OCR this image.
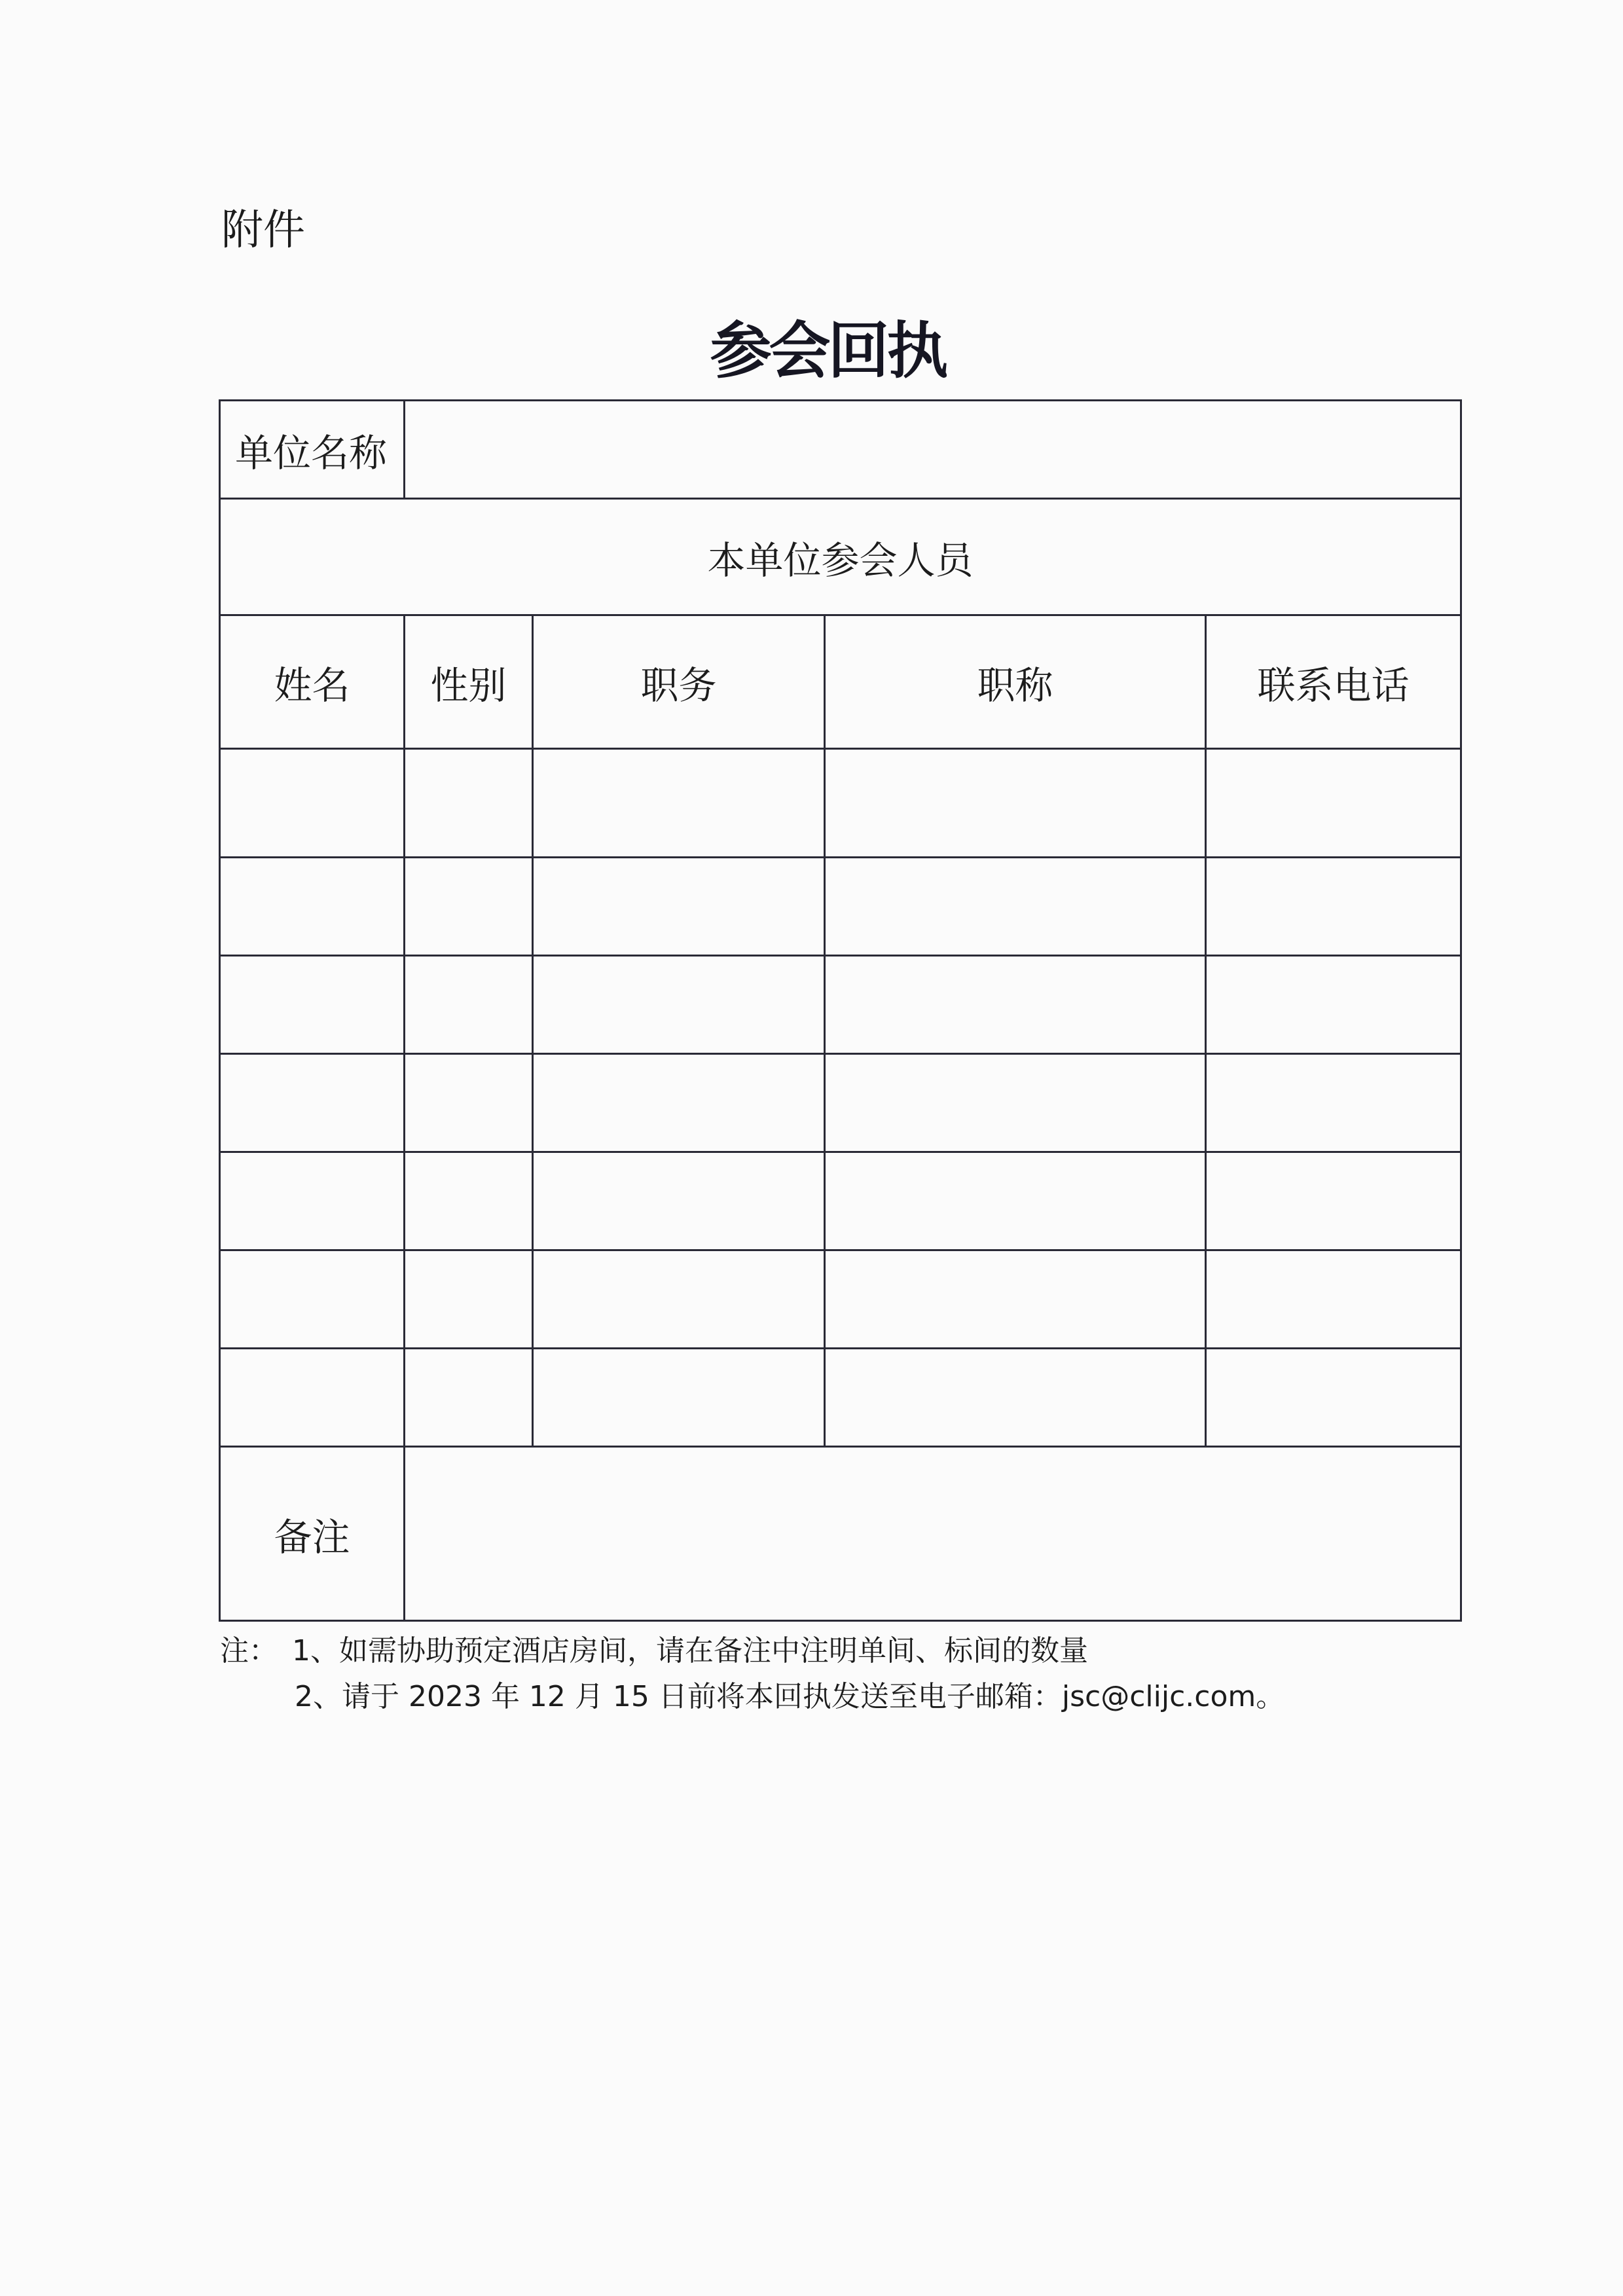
附件
参会回执
单位名称				
本单位参会人员				
姓名	性别	职务	职称	联系电话

备注				
注： 1、如需协助预定酒店房间，请在备注中注明单间、标间的数量
2、请于 2023 年 12 月 15 日前将本回执发送至电子邮箱：jsc@clijc.com。
